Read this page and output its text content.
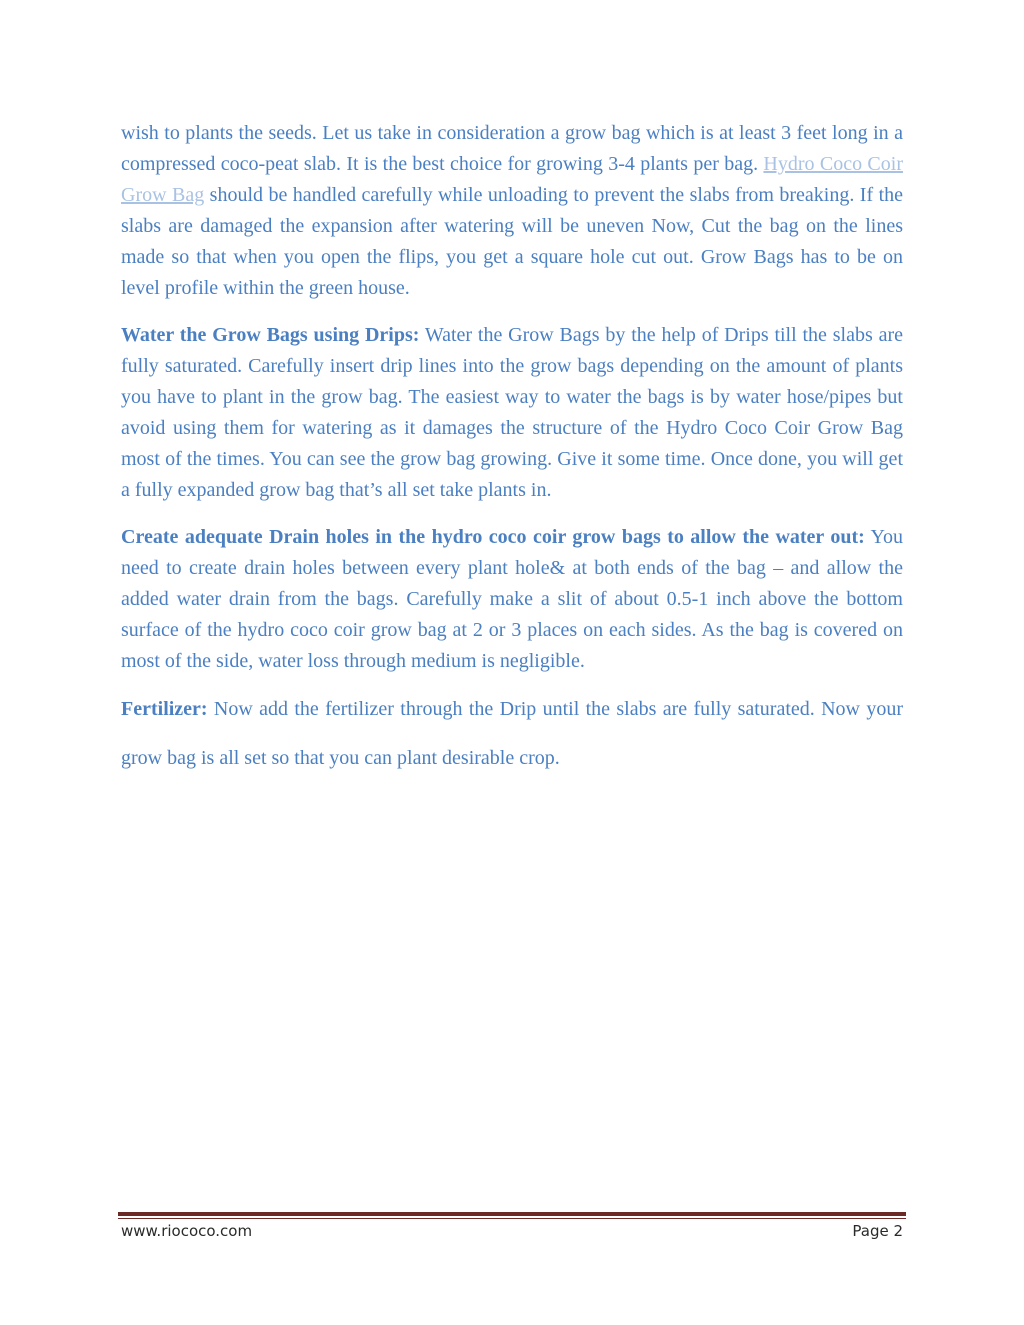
wish to plants the seeds. Let us take in consideration a grow bag which is at least 3 feet long in a compressed coco-peat slab. It is the best choice for growing 3-4 plants per bag. Hydro Coco Coir Grow Bag should be handled carefully while unloading to prevent the slabs from breaking. If the slabs are damaged the expansion after watering will be uneven Now, Cut the bag on the lines made so that when you open the flips, you get a square hole cut out. Grow Bags has to be on level profile within the green house.

Water the Grow Bags using Drips: Water the Grow Bags by the help of Drips till the slabs are fully saturated. Carefully insert drip lines into the grow bags depending on the amount of plants you have to plant in the grow bag. The easiest way to water the bags is by water hose/pipes but avoid using them for watering as it damages the structure of the Hydro Coco Coir Grow Bag most of the times. You can see the grow bag growing. Give it some time. Once done, you will get a fully expanded grow bag that’s all set take plants in.

Create adequate Drain holes in the hydro coco coir grow bags to allow the water out: You need to create drain holes between every plant hole& at both ends of the bag – and allow the added water drain from the bags. Carefully make a slit of about 0.5-1 inch above the bottom surface of the hydro coco coir grow bag at 2 or 3 places on each sides. As the bag is covered on most of the side, water loss through medium is negligible.

Fertilizer: Now add the fertilizer through the Drip until the slabs are fully saturated. Now your grow bag is all set so that you can plant desirable crop.

www.riococo.com	Page 2
